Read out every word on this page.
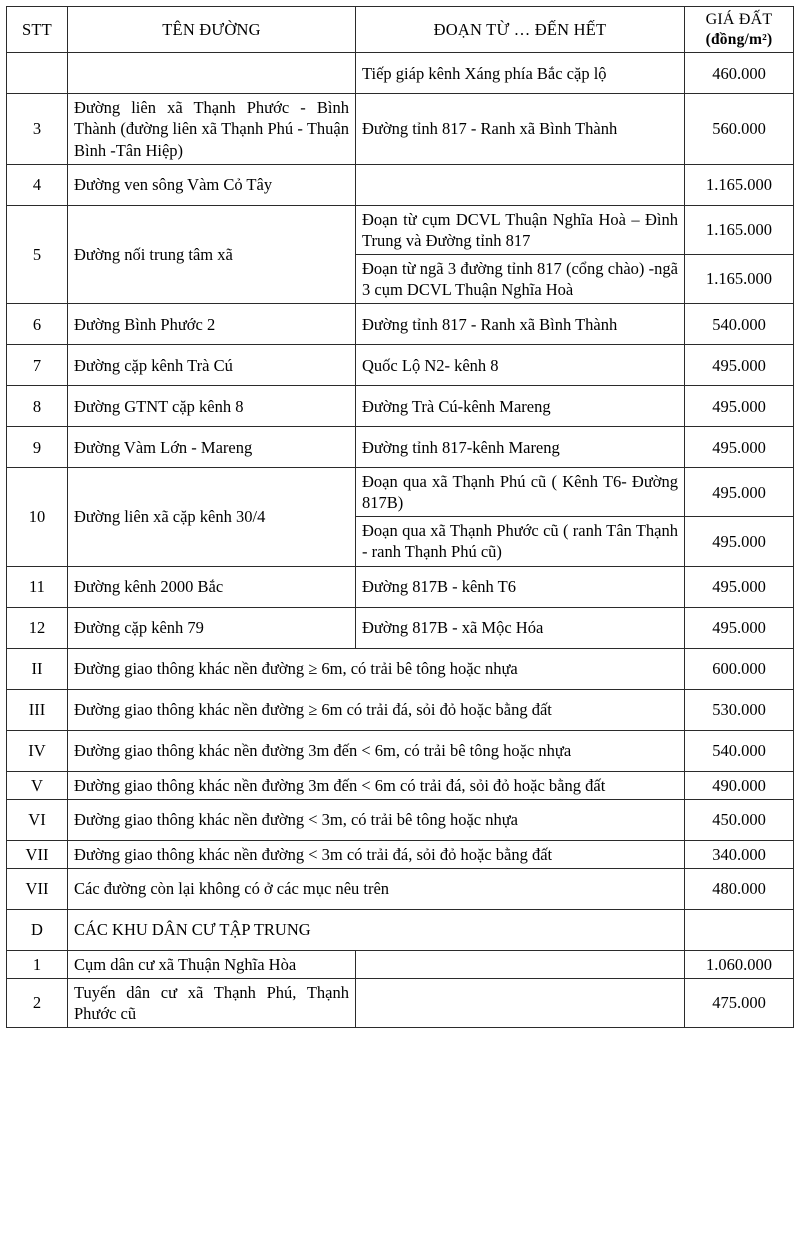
STT	TÊN ĐƯỜNG	ĐOẠN TỪ … ĐẾN HẾT	GIÁ ĐẤT
(đồng/m²)

		Tiếp giáp kênh Xáng phía Bắc cặp lộ	460.000
3	Đường liên xã Thạnh Phước - Bình Thành (đường liên xã Thạnh Phú - Thuận Bình -Tân Hiệp)	Đường tỉnh 817 - Ranh xã Bình Thành	560.000
4	Đường ven sông Vàm Cỏ Tây		1.165.000
5	Đường nối trung tâm xã	Đoạn từ cụm DCVL Thuận Nghĩa Hoà – Đình Trung và Đường tỉnh 817	1.165.000
		Đoạn từ ngã 3 đường tỉnh 817 (cổng chào) -ngã 3 cụm DCVL Thuận Nghĩa Hoà	1.165.000
6	Đường Bình Phước 2	Đường tỉnh 817 - Ranh xã Bình Thành	540.000
7	Đường cặp kênh Trà Cú	Quốc Lộ N2- kênh 8	495.000
8	Đường GTNT cặp kênh 8	Đường Trà Cú-kênh Mareng	495.000
9	Đường Vàm Lớn - Mareng	Đường tỉnh 817-kênh Mareng	495.000
10	Đường liên xã cặp kênh 30/4	Đoạn qua xã Thạnh Phú cũ ( Kênh T6- Đường 817B)	495.000
		Đoạn qua xã Thạnh Phước cũ ( ranh Tân Thạnh - ranh Thạnh Phú cũ)	495.000
11	Đường kênh 2000 Bắc	Đường 817B - kênh T6	495.000
12	Đường cặp kênh 79	Đường 817B - xã Mộc Hóa	495.000
II	Đường giao thông khác nền đường ≥ 6m, có trải bê tông hoặc nhựa		600.000
III	Đường giao thông khác nền đường ≥ 6m có trải đá, sỏi đỏ hoặc bằng đất		530.000
IV	Đường giao thông khác nền đường 3m đến < 6m, có trải bê tông hoặc nhựa		540.000
V	Đường giao thông khác nền đường 3m đến < 6m có trải đá, sỏi đỏ hoặc bằng đất		490.000
VI	Đường giao thông khác nền đường < 3m, có trải bê tông hoặc nhựa		450.000
VII	Đường giao thông khác nền đường < 3m có trải đá, sỏi đỏ hoặc bằng đất		340.000
VII	Các đường còn lại không có ở các mục nêu trên		480.000
D	CÁC KHU DÂN CƯ TẬP TRUNG		
1	Cụm dân cư xã Thuận Nghĩa Hòa		1.060.000
2	Tuyến dân cư xã Thạnh Phú, Thạnh Phước cũ		475.000
